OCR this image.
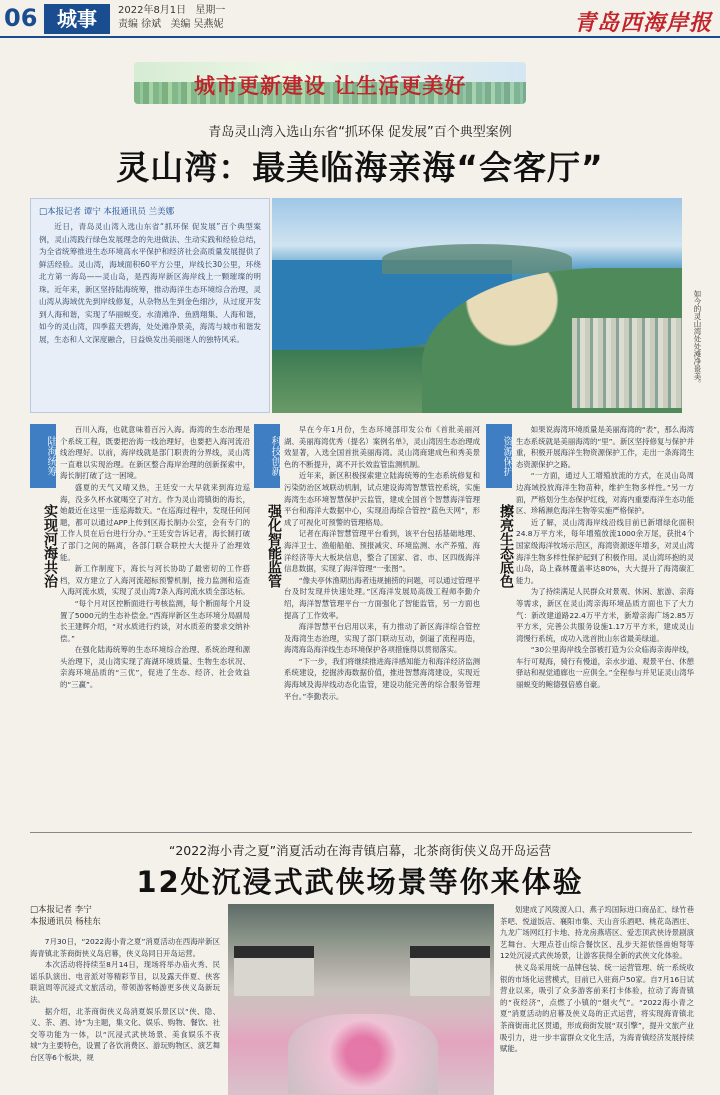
06 城事	2022年8月1日 星期一
责编 徐斌 美编 吴燕妮	青岛西海岸报
城市更新建设 让生活更美好
青岛灵山湾入选山东省“抓环保 促发展”百个典型案例
灵山湾：最美临海亲海“会客厅”
□本报记者 谭宁 本报通讯员 兰美娜
近日，青岛灵山湾入选山东省“抓环保 促发展”百个典型案例，灵山湾践行绿色发展理念的先进做法、生动实践和经验总结，为全省统筹推进生态环境高水平保护和经济社会高质量发展提供了鲜活经验。灵山湾，海域面积60平方公里，岸线长30公里，环绕北方第一海岛——灵山岛，是西海岸新区海岸线上一颗璀璨的明珠。近年来，新区坚持陆海统筹，推动海洋生态环境综合治理，灵山湾从海域优先到岸线修复，从杂物丛生到金色细沙，从过度开发到人海和谐，实现了华丽蜕变。水清滩净、鱼鸥翔集、人海和谐，如今的灵山湾，四季蓝天碧海，处处滩净景美，海湾与城市和谐发展，生态和人文深度融合，日益焕发出美丽迷人的独特风采。	如今的灵山湾处处滩净景美。
陆海统筹
实现河海共治

百川入海，也就意味着百污入海。海湾的生态治理是个系统工程，既要把治海一线治理好，也要把入海河流沿线治理好。以前，海岸线就是部门职责的分界线，灵山湾一直难以实现治理。在新区整合海岸治理的创新探索中，海长制打破了这一困境。

盛夏的天气又晴又热，王廷安一大早就来到海边巡海，没多久杯水就喝空了对方。作为灵山湾镇街的海长，她最近在这里一连巡海数天。“在巡海过程中，发现任何问题，都可以通过APP上传到区海长制办公室，会有专门的工作人员在后台进行分办。”王廷安告诉记者，海长制打破了部门之间的隔离，各部门联合联控大大提升了治理效能。

新工作制度下，海长与河长协助了最密切的工作搭档，双方建立了入海河流超标预警机制，接力监测和巡查入海河流水质，实现了灵山湾7条入海河流水质全部达标。

“每个月对区控断面进行考核监测，每个断面每个月设置了5000元的生态补偿金。”西海岸新区生态环境分局副局长王建辉介绍，“对水质进行约谈，对水质差的要求交纳补偿。”

在强化陆海统筹的生态环境综合治理、系统治理和源头治理下，灵山湾实现了海湖环境质量、生物生态状况、亲海环境品质的“三优”，促进了生态、经济、社会效益的“三赢”。

科技创新
强化智能监管

早在今年1月份，生态环境部印发公布《首批美丽河湖、美丽海湾优秀（提名）案例名单》，灵山湾因生态治理成效显著，入选全国首批美丽海湾。灵山湾商建成色和秀美景色的不断提升，离不开长效监管监测机制。

近年来，新区积极探索建立陆海统筹的生态系统修复和污染防治区域联动机制，试点建设海湾智慧管控系统，实施海湾生态环境智慧保护云监管，建成全国首个智慧海洋管理平台和海洋大数据中心，实现沿海综合管控“蓝色天网”，形成了可视化可预警的管理格局。

记者在海洋智慧管理平台看到，该平台包括基础地理、海洋卫士、渔船船舶、预报减灾、环境监测、水产养殖、海洋经济等大大板块信息，整合了国家、省、市、区四级海洋信息数据，实现了海洋管理“一张图”。

“像夫亭休渔期出海者违规捕捞的问题，可以通过管理平台及时发现并快速处理。”区海洋发展局高级工程师李勤介绍，海洋智慧管理平台一方面强化了智能监管，另一方面也提高了工作效率。

海洋智慧平台启用以来，有力推动了新区海洋综合管控及海湾生态治理，实现了部门联动互动，倒逼了流程再造，海湾海岛海洋线生态环境保护各项措施得以贯彻落实。

“下一步，我们将继续推进海洋感知能力和海洋经济监测系统建设，挖掘涉海数据价值，推进智慧海湾建设，实现近海海域及海岸线动态化监管，建设功能完善的综合服务管理平台。”李勤表示。

资源保护
擦亮生态底色

如果说海湾环境质量是美丽海湾的“表”，那么海湾生态系统就是美丽海湾的“里”。新区坚持修复与保护并重，积极开展海洋生物资源保护工作，走出一条海湾生态资源保护之路。

“一方面，通过人工增殖放流的方式，在灵山岛周边海域投放海洋生物苗种，维护生物多样性。”另一方面，严格划分生态保护红线，对海内重要海洋生态功能区、珍稀濒危海洋生物等实施严格保护。

近了解，灵山湾海岸线沿线目前已新增绿化面积24.8万平方米，每年增殖放流1000余万尾，获批4个国家级海洋牧场示范区，海湾资源逐年增多，对灵山湾海洋生物多样性保护起到了积极作用。灵山湾环抱的灵山岛，岛上森林覆盖率达80%，大大提升了海湾碳汇能力。

为了持续满足人民群众对景观、休闲、旅游、亲海等需求，新区在灵山湾亲海环境品质方面也下了大力气：新改建道路22.4万平方米，新增亲海广场2.85万平方米，完善公共服务设施1.17万平方米，建成灵山湾慢行系统，成功入选首批山东省最美绿道。

“30公里海岸线全部被打造为公众临海亲海岸线，车行可观海，骑行有慢道，亲水步道、观景平台、休憩驿站和视觉通廊也一应俱全。”全程参与并见证灵山湾华丽蜕变的鲍德强倍感自豪。

“2022海小青之夏”消夏活动在海青镇启幕，北茶商街侠义岛开岛运营
12处沉浸式武侠场景等你来体验
□本报记者 李宁
本报通讯员 杨桂东

7月30日，“2022海小青之夏”消夏活动在西海岸新区海青镇北茶商街侠义岛启幕，侠义岛同日开岛运营。

本次活动将持续至8月14日，现场将举办庙火秀、民谣乐队演出、电音派对等精彩节目，以及露天伴夏、侠客联谊周等沉浸式文旅活动，带领游客畅游更多侠义岛新玩法。

据介绍，北茶商街侠义岛消夏娱乐景区以“侠、隐、义、茶、酒、诗”为主题，集文化、娱乐、购物、餐饮、社交等功能为一体，以“沉浸式武侠场景、美食娱乐不夜城”为主要特色，设置了各饮消费区、游玩购物区、演艺舞台区等6个板块，规

划建成了风陵渡入口、燕子坞国际进口商品汇、绿竹巷茶吧、悦道饭店、襄阳市集、天山音乐酒吧、桃花岛酒庄、九龙广场网红打卡地、持龙房燕塔区、爱恋顶武侠诗景剧演艺舞台、大理点苍山综合餐饮区、乱步天涯依怪兽炮弩等12处沉浸式武侠场景，让游客获得全新的武侠文化体验。

侠义岛采用统一品牌包装、统一运营管理、统一系统收银的市场化运营模式，目前已入驻商户50家。自7月16日试营业以来，吸引了众多游客前来打卡体验，拉动了海青镇的“夜经济”，点燃了小镇的“烟火气”。“2022海小青之夏”消夏活动的启幕及侠义岛的正式运营，将实现海青镇北茶商街南北区贯通，形成商街发展“双引擎”，提升文旅产业吸引力，进一步丰富群众文化生活，为海青镇经济发展持续赋能。
